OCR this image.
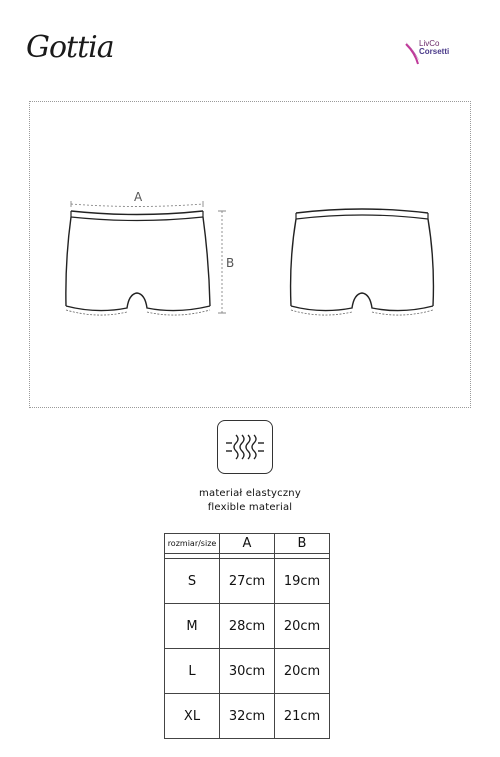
Gottia	LivCo
Corsetti
A
B
materiał elastyczny
flexible material
rozmiar/size	A	B

S	27cm	19cm
M	28cm	20cm
L	30cm	20cm
XL	32cm	21cm
